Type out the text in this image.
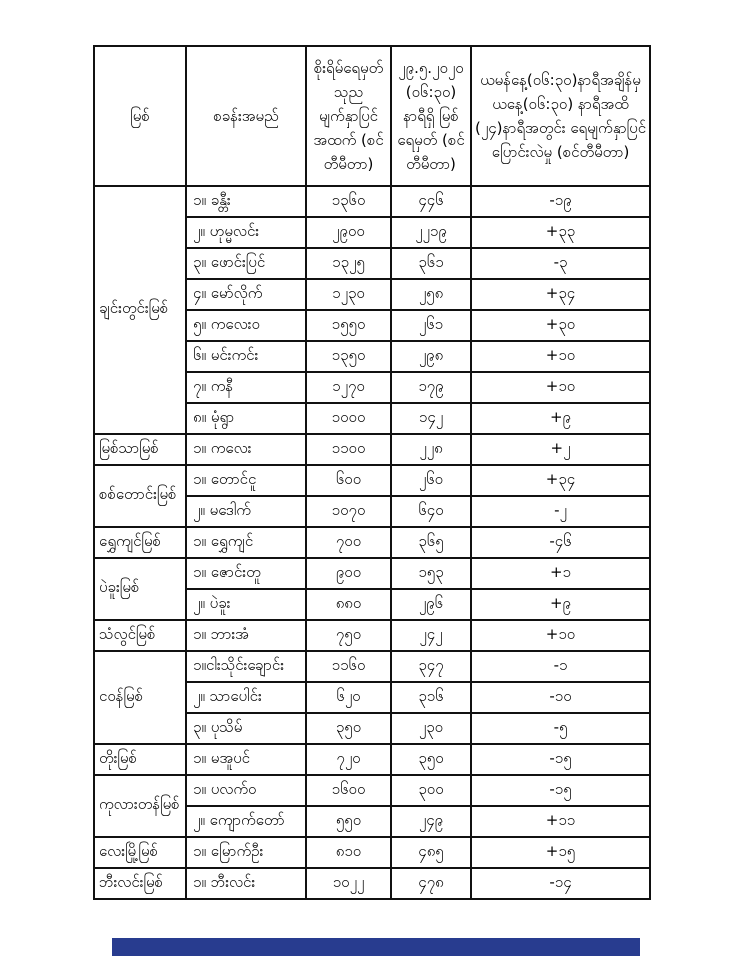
မြစ်	စခန်းအမည်	စိုးရိမ်ရေမှတ် သုည မျက်နှာပြင် အထက် (စင်တီမီတာ)	၂၉.၅.၂၀၂၀ (၀၆:၃၀) နာရီရှိ မြစ်ရေမှတ် (စင်တီမီတာ)	ယမန်နေ့(၀၆:၃၀)နာရီအချိန်မှ ယနေ့(၀၆:၃၀) နာရီအထိ (၂၄)နာရီအတွင်း ရေမျက်နှာပြင်ပြောင်းလဲမှု (စင်တီမီတာ)
ချင်းတွင်းမြစ်	၁။ ခန္တီး	၁၃၆၀	၄၄၆	-၁၉
	၂။ ဟုမ္မလင်း	၂၉၀၀	၂၂၁၉	+၃၃
	၃။ ဖောင်းပြင်	၁၃၂၅	၃၆၁	-၃
	၄။ မော်လိုက်	၁၂၃၀	၂၅၈	+၃၄
	၅။ ကလေးဝ	၁၅၅၀	၂၆၁	+၃၀
	၆။ မင်းကင်း	၁၃၅၀	၂၉၈	+၁၀
	၇။ ကနီ	၁၂၇၀	၁၇၉	+၁၀
	၈။ မုံရွာ	၁၀၀၀	၁၄၂	+၉
မြစ်သာမြစ်	၁။ ကလေး	၁၁၀၀	၂၂၈	+၂
စစ်တောင်းမြစ်	၁။ တောင်ငူ	၆၀၀	၂၆၀	+၃၄
	၂။ မဒေါက်	၁၀၇၀	၆၄၀	-၂
ရွှေကျင်မြစ်	၁။ ရွှေကျင်	၇၀၀	၃၆၅	-၄၆
ပဲခူးမြစ်	၁။ ဇောင်းတူ	၉၀၀	၁၅၃	+၁
	၂။ ပဲခူး	၈၈၀	၂၉၆	+၉
သံလွင်မြစ်	၁။ ဘားအံ	၇၅၀	၂၄၂	+၁၀
ငဝန်မြစ်	၁။ငါးသိုင်းချောင်း	၁၁၆၀	၃၄၇	-၁
	၂။ သာပေါင်း	၆၂၀	၃၁၆	-၁၀
	၃။ ပုသိမ်	၃၅၀	၂၃၀	-၅
တိုးမြစ်	၁။ မအူပင်	၇၂၀	၃၅၀	-၁၅
ကုလားတန်မြစ်	၁။ ပလက်ဝ	၁၆၀၀	၃၀၀	-၁၅
	၂။ ကျောက်တော်	၅၅၀	၂၄၉	+၁၁
လေးမြို့မြစ်	၁။ မြောက်ဦး	၈၁၀	၄၈၅	+၁၅
ဘီးလင်းမြစ်	၁။ ဘီးလင်း	၁၀၂၂	၄၇၈	-၁၄
